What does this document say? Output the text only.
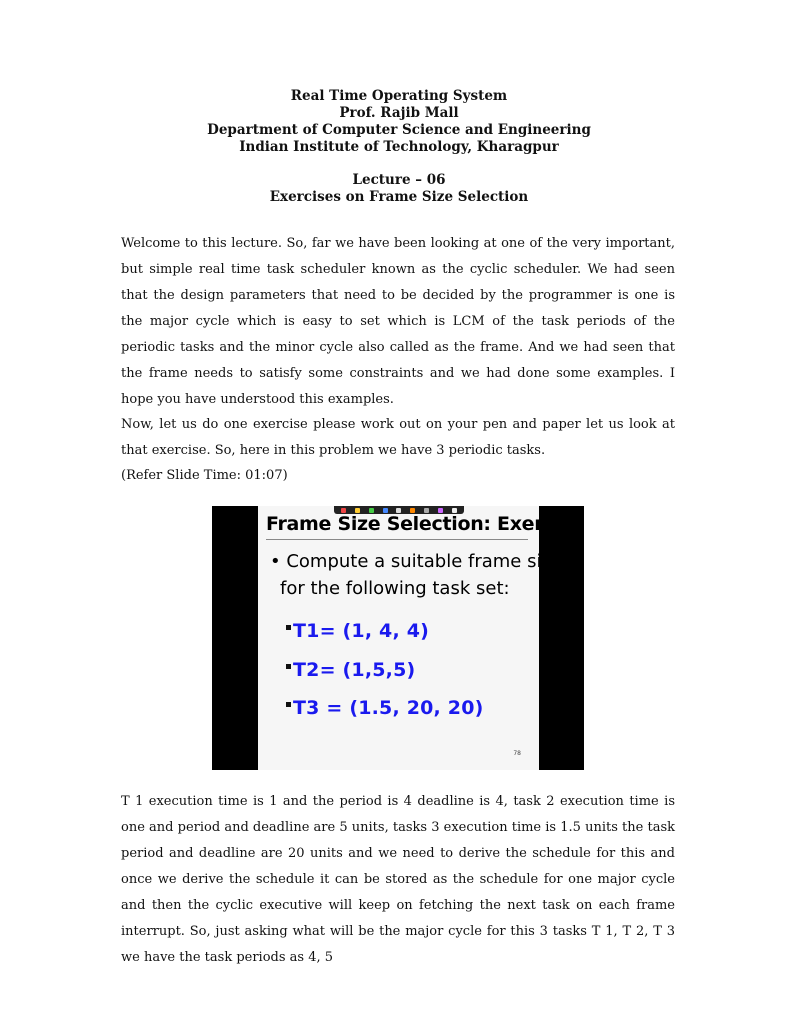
Real Time Operating System
Prof. Rajib Mall
Department of Computer Science and Engineering
Indian Institute of Technology, Kharagpur
Lecture – 06
Exercises on Frame Size Selection

Welcome to this lecture. So, far we have been looking at one of the very important, but simple real time task scheduler known as the cyclic scheduler. We had seen that the design parameters that need to be decided by the programmer is one is the major cycle which is easy to set which is LCM of the task periods of the periodic tasks and the minor cycle also called as the frame. And we had seen that the frame needs to satisfy some constraints and we had done some examples. I hope you have understood this examples.

Now, let us do one exercise please work out on your pen and paper let us look at that exercise. So, here in this problem we have 3 periodic tasks.

(Refer Slide Time: 01:07)

Frame Size Selection: Exercise
• Compute a suitable frame size
for the following task set:
T1= (1, 4, 4)
T2= (1,5,5)
T3 = (1.5, 20, 20)
78

T 1 execution time is 1 and the period is 4 deadline is 4, task 2 execution time is one and period and deadline are 5 units, tasks 3 execution time is 1.5 units the task period and deadline are 20 units and we need to derive the schedule for this and once we derive the schedule it can be stored as the schedule for one major cycle and then the cyclic executive will keep on fetching the next task on each frame interrupt. So, just asking what will be the major cycle for this 3 tasks T 1, T 2, T 3 we have the task periods as 4, 5
